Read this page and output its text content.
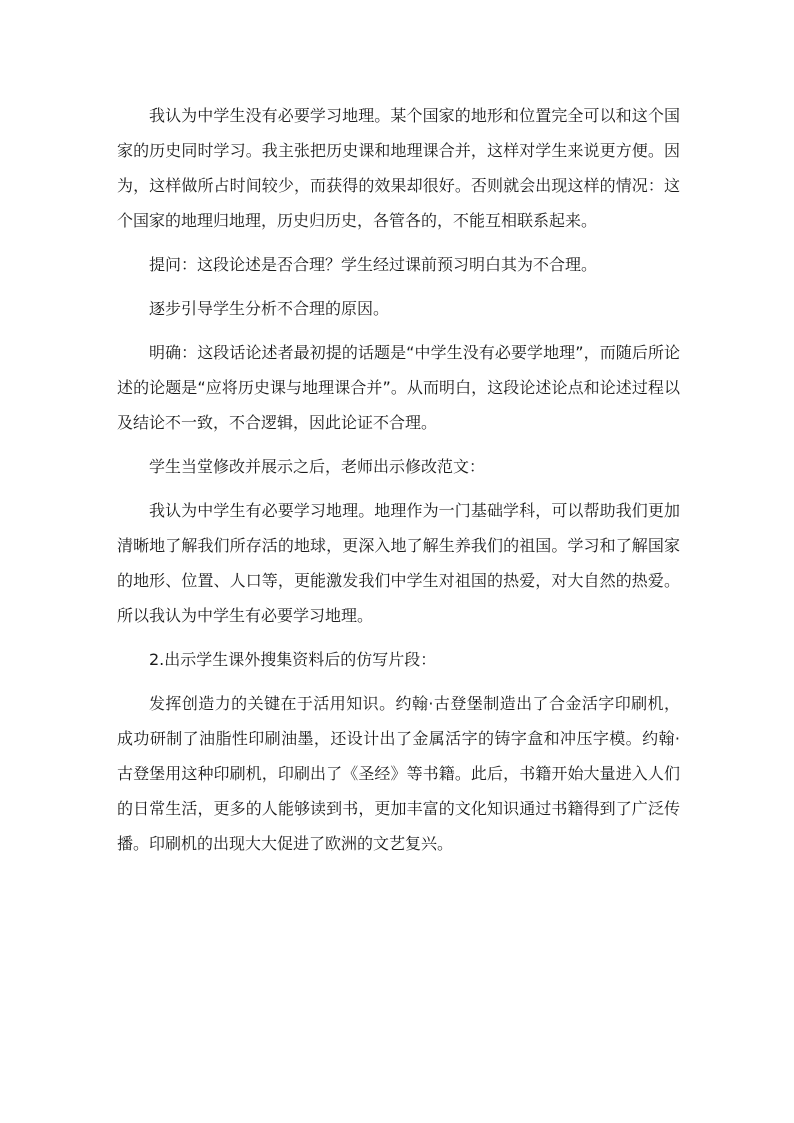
我认为中学生没有必要学习地理。某个国家的地形和位置完全可以和这个国家的历史同时学习。我主张把历史课和地理课合并，这样对学生来说更方便。因为，这样做所占时间较少，而获得的效果却很好。否则就会出现这样的情况：这个国家的地理归地理，历史归历史，各管各的，不能互相联系起来。

提问：这段论述是否合理？学生经过课前预习明白其为不合理。

逐步引导学生分析不合理的原因。

明确：这段话论述者最初提的话题是“中学生没有必要学地理”，而随后所论述的论题是“应将历史课与地理课合并”。从而明白，这段论述论点和论述过程以及结论不一致，不合逻辑，因此论证不合理。

学生当堂修改并展示之后，老师出示修改范文：

我认为中学生有必要学习地理。地理作为一门基础学科，可以帮助我们更加清晰地了解我们所存活的地球，更深入地了解生养我们的祖国。学习和了解国家的地形、位置、人口等，更能激发我们中学生对祖国的热爱，对大自然的热爱。所以我认为中学生有必要学习地理。

2.出示学生课外搜集资料后的仿写片段：

发挥创造力的关键在于活用知识。约翰·古登堡制造出了合金活字印刷机，成功研制了油脂性印刷油墨，还设计出了金属活字的铸字盒和冲压字模。约翰·古登堡用这种印刷机，印刷出了《圣经》等书籍。此后，书籍开始大量进入人们的日常生活，更多的人能够读到书，更加丰富的文化知识通过书籍得到了广泛传播。印刷机的出现大大促进了欧洲的文艺复兴。
